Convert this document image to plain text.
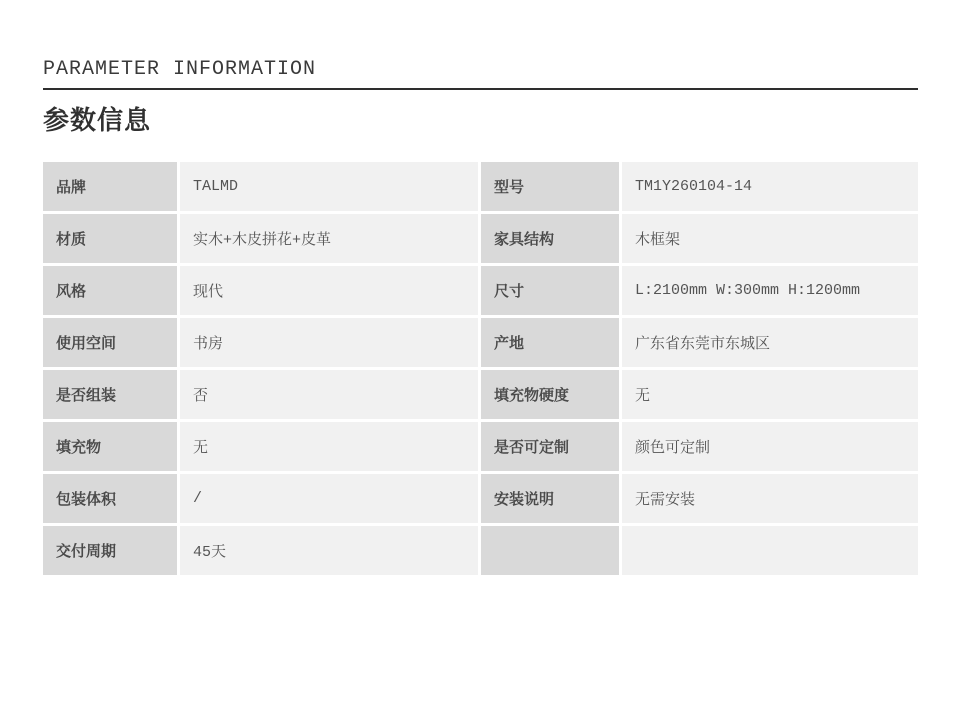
PARAMETER INFORMATION
参数信息
品牌	TALMD	型号	TM1Y260104-14
材质	实木+木皮拼花+皮革	家具结构	木框架
风格	现代	尺寸	L:2100mm W:300mm H:1200mm
使用空间	书房	产地	广东省东莞市东城区
是否组装	否	填充物硬度	无
填充物	无	是否可定制	颜色可定制
包装体积	/	安装说明	无需安装
交付周期	45天
